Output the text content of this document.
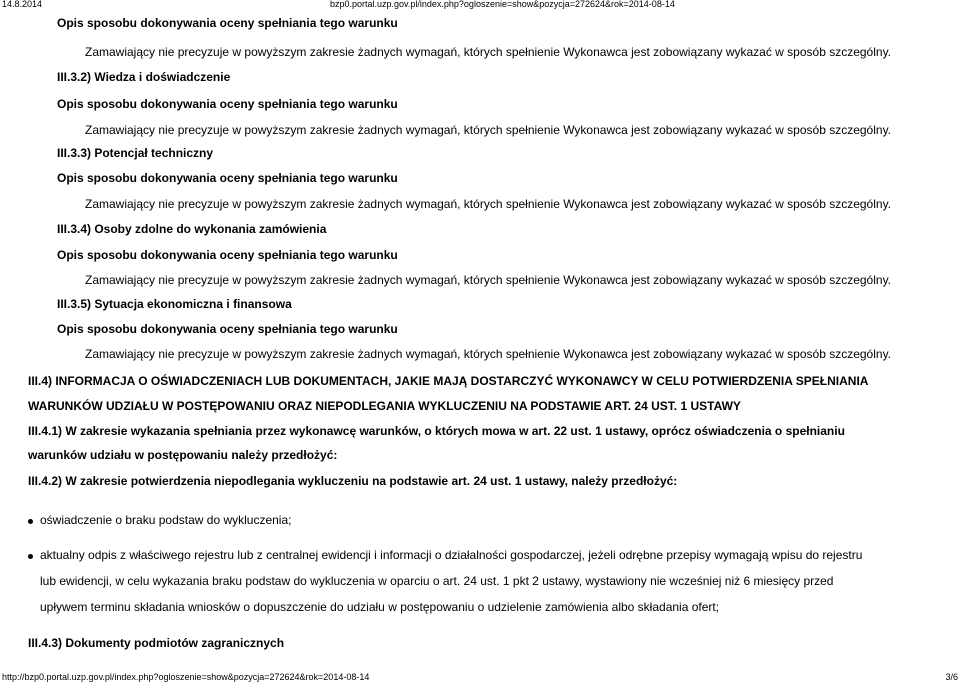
14.8.2014	bzp0.portal.uzp.gov.pl/index.php?ogloszenie=show&pozycja=272624&rok=2014-08-14
Opis sposobu dokonywania oceny spełniania tego warunku
Zamawiający nie precyzuje w powyższym zakresie żadnych wymagań, których spełnienie Wykonawca jest zobowiązany wykazać w sposób szczególny.
III.3.2) Wiedza i doświadczenie
Opis sposobu dokonywania oceny spełniania tego warunku
Zamawiający nie precyzuje w powyższym zakresie żadnych wymagań, których spełnienie Wykonawca jest zobowiązany wykazać w sposób szczególny.
III.3.3) Potencjał techniczny
Opis sposobu dokonywania oceny spełniania tego warunku
Zamawiający nie precyzuje w powyższym zakresie żadnych wymagań, których spełnienie Wykonawca jest zobowiązany wykazać w sposób szczególny.
III.3.4) Osoby zdolne do wykonania zamówienia
Opis sposobu dokonywania oceny spełniania tego warunku
Zamawiający nie precyzuje w powyższym zakresie żadnych wymagań, których spełnienie Wykonawca jest zobowiązany wykazać w sposób szczególny.
III.3.5) Sytuacja ekonomiczna i finansowa
Opis sposobu dokonywania oceny spełniania tego warunku
Zamawiający nie precyzuje w powyższym zakresie żadnych wymagań, których spełnienie Wykonawca jest zobowiązany wykazać w sposób szczególny.
III.4) INFORMACJA O OŚWIADCZENIACH LUB DOKUMENTACH, JAKIE MAJĄ DOSTARCZYĆ WYKONAWCY W CELU POTWIERDZENIA SPEŁNIANIA
WARUNKÓW UDZIAŁU W POSTĘPOWANIU ORAZ NIEPODLEGANIA WYKLUCZENIU NA PODSTAWIE ART. 24 UST. 1 USTAWY
III.4.1) W zakresie wykazania spełniania przez wykonawcę warunków, o których mowa w art. 22 ust. 1 ustawy, oprócz oświadczenia o spełnianiu
warunków udziału w postępowaniu należy przedłożyć:
III.4.2) W zakresie potwierdzenia niepodlegania wykluczeniu na podstawie art. 24 ust. 1 ustawy, należy przedłożyć:
oświadczenie o braku podstaw do wykluczenia;
aktualny odpis z właściwego rejestru lub z centralnej ewidencji i informacji o działalności gospodarczej, jeżeli odrębne przepisy wymagają wpisu do rejestru
lub ewidencji, w celu wykazania braku podstaw do wykluczenia w oparciu o art. 24 ust. 1 pkt 2 ustawy, wystawiony nie wcześniej niż 6 miesięcy przed
upływem terminu składania wniosków o dopuszczenie do udziału w postępowaniu o udzielenie zamówienia albo składania ofert;
III.4.3) Dokumenty podmiotów zagranicznych
http://bzp0.portal.uzp.gov.pl/index.php?ogloszenie=show&pozycja=272624&rok=2014-08-14	3/6
